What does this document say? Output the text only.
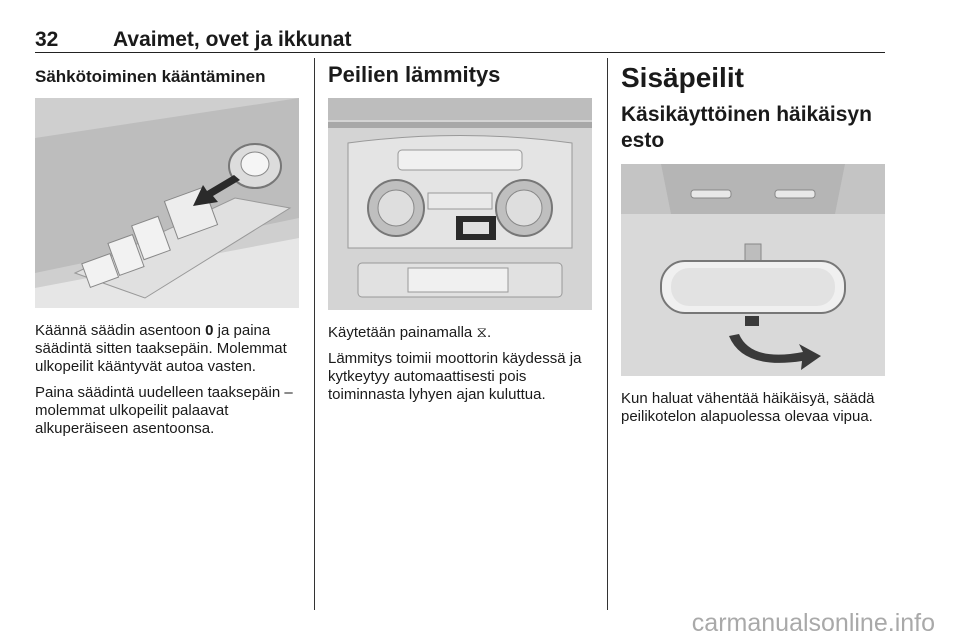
32	Avaimet, ovet ja ikkunat
Sähkötoiminen kääntäminen

Käännä säädin asentoon 0 ja paina säädintä sitten taaksepäin. Molemmat ulkopeilit kääntyvät autoa vasten.

Paina säädintä uudelleen taaksepäin – molemmat ulkopeilit palaavat alkuperäiseen asentoonsa.

Peilien lämmitys

Käytetään painamalla ⧖.

Lämmitys toimii moottorin käydessä ja kytkeytyy automaattisesti pois toiminnasta lyhyen ajan kuluttua.

Sisäpeilit
Käsikäyttöinen häikäisyn esto

Kun haluat vähentää häikäisyä, säädä peilikotelon alapuolessa olevaa vipua.

carmanualsonline.info
